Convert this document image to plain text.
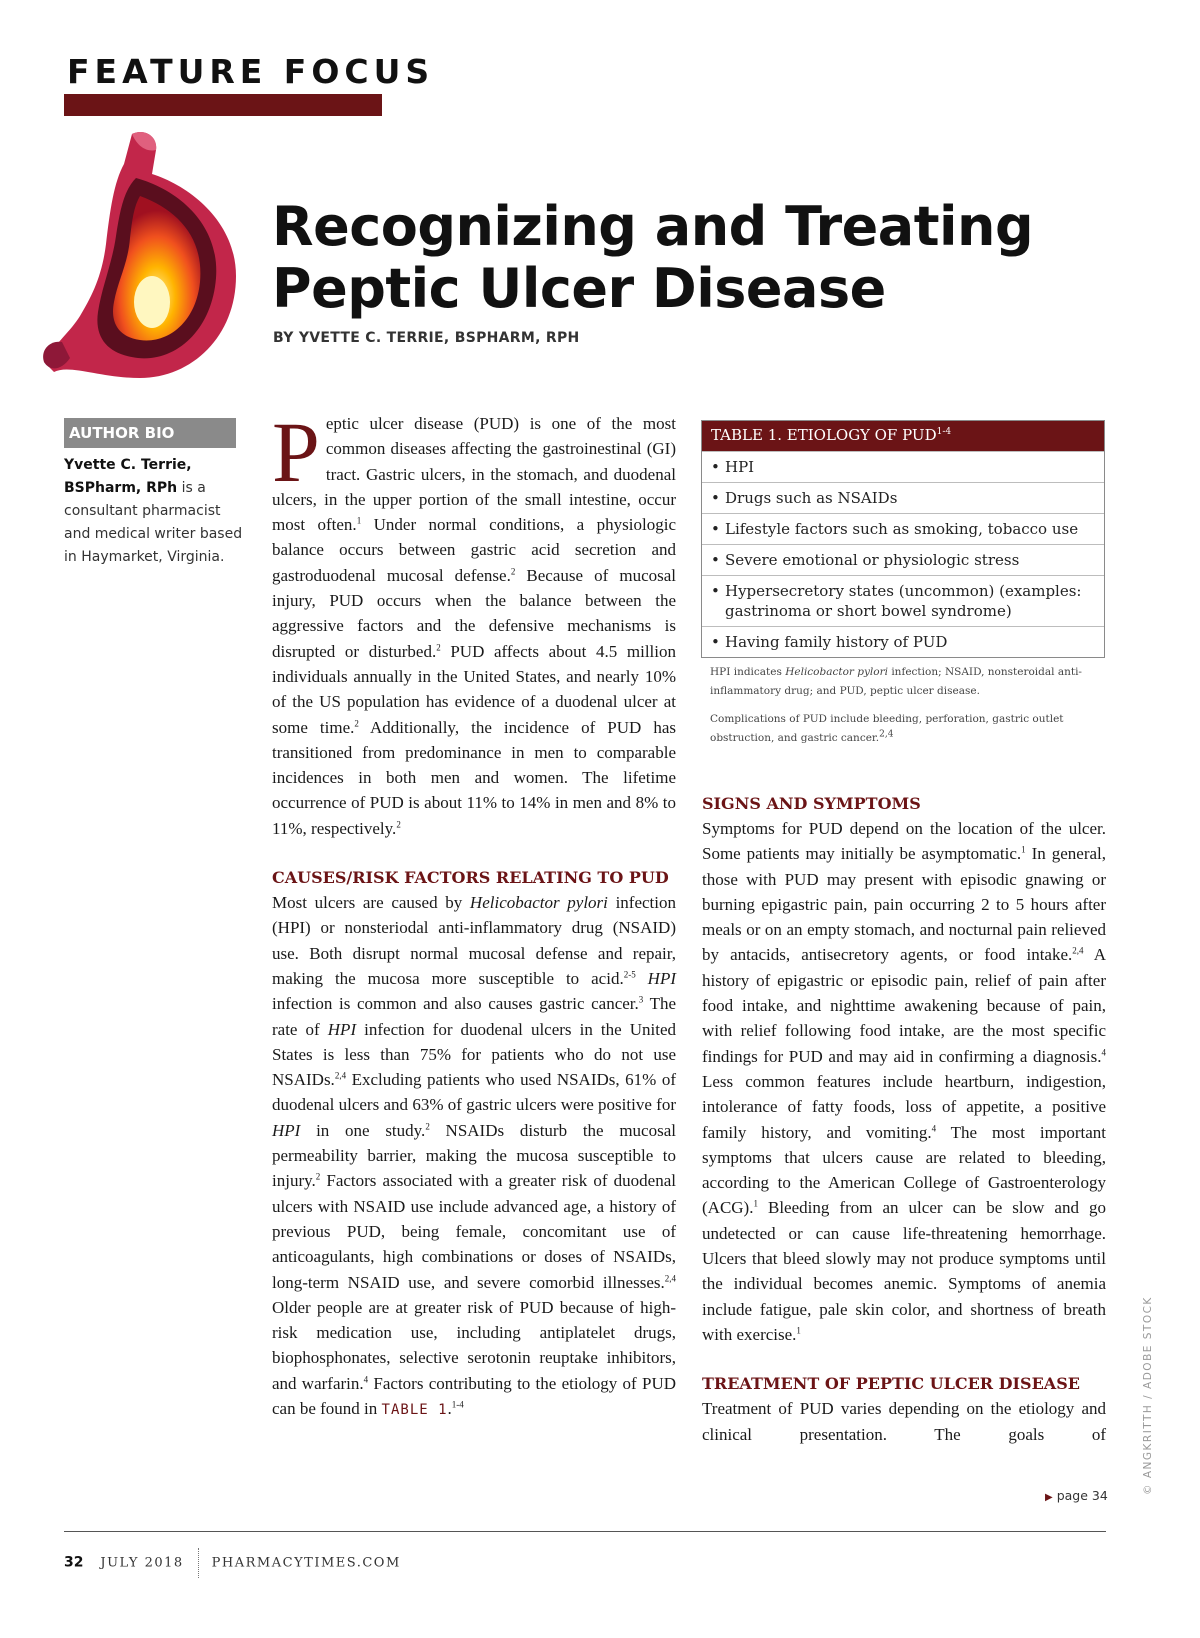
FEATURE FOCUS
Recognizing and Treating
Peptic Ulcer Disease
BY YVETTE C. TERRIE, BSPHARM, RPH
AUTHOR BIO
Yvette C. Terrie, BSPharm, RPh is a consultant pharmacist and medical writer based in Haymarket, Virginia.

Peptic ulcer disease (PUD) is one of the most common diseases affecting the gastroinestinal (GI) tract. Gastric ulcers, in the stomach, and duodenal ulcers, in the upper portion of the small intestine, occur most often.$^1$ Under normal conditions, a physiologic balance occurs between gastric acid secretion and gastroduodenal mucosal defense.$^2$ Because of mucosal injury, PUD occurs when the balance between the aggressive factors and the defensive mechanisms is disrupted or disturbed.$^2$ PUD affects about 4.5 million individuals annually in the United States, and nearly 10% of the US population has evidence of a duodenal ulcer at some time.$^2$ Additionally, the incidence of PUD has transitioned from predominance in men to comparable incidences in both men and women. The lifetime occurrence of PUD is about 11% to 14% in men and 8% to 11%, respectively.$^2$

CAUSES/RISK FACTORS RELATING TO PUD

Most ulcers are caused by Helicobactor pylori infection (HPI) or nonsteriodal anti-inflammatory drug (NSAID) use. Both disrupt normal mucosal defense and repair, making the mucosa more susceptible to acid.$^{2-5}$ HPI infection is common and also causes gastric cancer.$^3$ The rate of HPI infection for duodenal ulcers in the United States is less than 75% for patients who do not use NSAIDs.$^{2,4}$ Excluding patients who used NSAIDs, 61% of duodenal ulcers and 63% of gastric ulcers were positive for HPI in one study.$^2$ NSAIDs disturb the mucosal permeability barrier, making the mucosa susceptible to injury.$^2$ Factors associated with a greater risk of duodenal ulcers with NSAID use include advanced age, a history of previous PUD, being female, concomitant use of anticoagulants, high combinations or doses of NSAIDs, long-term NSAID use, and severe comorbid illnesses.$^{2,4}$ Older people are at greater risk of PUD because of high-risk medication use, including antiplatelet drugs, biophosphonates, selective serotonin reuptake inhibitors, and warfarin.$^4$ Factors contributing to the etiology of PUD can be found in TABLE 1.$^{1-4}$

TABLE 1. ETIOLOGY OF PUD$^{1-4}$
• HPI
• Drugs such as NSAIDs
• Lifestyle factors such as smoking, tobacco use
• Severe emotional or physiologic stress
• Hypersecretory states (uncommon) (examples: gastrinoma or short bowel syndrome)
• Having family history of PUD
HPI indicates Helicobactor pylori infection; NSAID, nonsteroidal anti-inflammatory drug; and PUD, peptic ulcer disease.
Complications of PUD include bleeding, perforation, gastric outlet obstruction, and gastric cancer.$^{2,4}$
SIGNS AND SYMPTOMS

Symptoms for PUD depend on the location of the ulcer. Some patients may initially be asymptomatic.$^1$ In general, those with PUD may present with episodic gnawing or burning epigastric pain, pain occurring 2 to 5 hours after meals or on an empty stomach, and nocturnal pain relieved by antacids, antisecretory agents, or food intake.$^{2,4}$ A history of epigastric or episodic pain, relief of pain after food intake, and nighttime awakening because of pain, with relief following food intake, are the most specific findings for PUD and may aid in confirming a diagnosis.$^4$ Less common features include heartburn, indigestion, intolerance of fatty foods, loss of appetite, a positive family history, and vomiting.$^4$ The most important symptoms that ulcers cause are related to bleeding, according to the American College of Gastroenterology (ACG).$^1$ Bleeding from an ulcer can be slow and go undetected or can cause life-threatening hemorrhage. Ulcers that bleed slowly may not produce symptoms until the individual becomes anemic. Symptoms of anemia include fatigue, pale skin color, and shortness of breath with exercise.$^1$

TREATMENT OF PEPTIC ULCER DISEASE

Treatment of PUD varies depending on the etiology and clinical presentation. The goals of

▶ page 34
© ANGKRITTH / ADOBE STOCK
32 JULY 2018 PHARMACYTIMES.COM
